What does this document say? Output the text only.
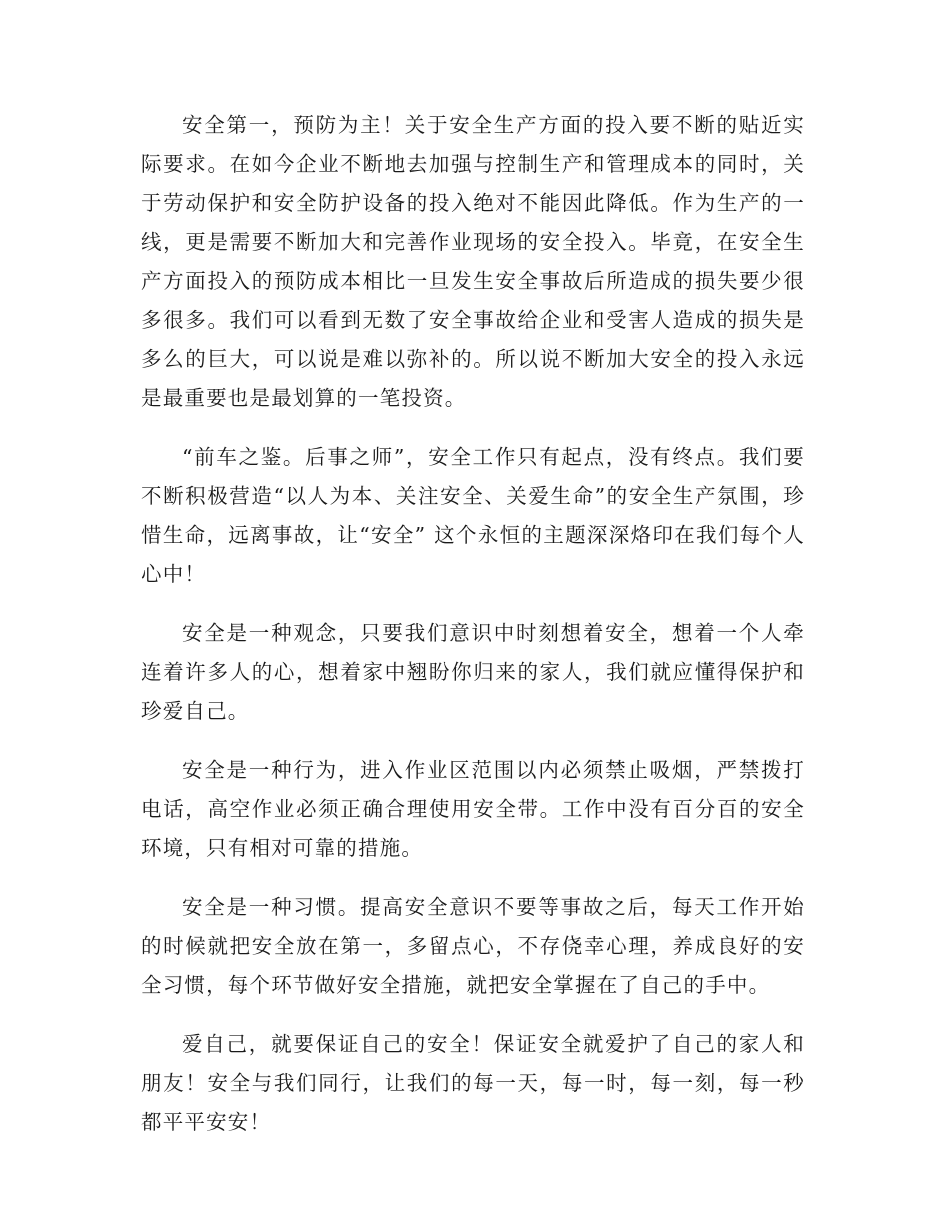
安全第一，预防为主！关于安全生产方面的投入要不断的贴近实际要求。在如今企业不断地去加强与控制生产和管理成本的同时，关于劳动保护和安全防护设备的投入绝对不能因此降低。作为生产的一线，更是需要不断加大和完善作业现场的安全投入。毕竟，在安全生产方面投入的预防成本相比一旦发生安全事故后所造成的损失要少很多很多。我们可以看到无数了安全事故给企业和受害人造成的损失是多么的巨大，可以说是难以弥补的。所以说不断加大安全的投入永远是最重要也是最划算的一笔投资。

“前车之鉴。后事之师”，安全工作只有起点，没有终点。我们要不断积极营造“以人为本、关注安全、关爱生命”的安全生产氛围，珍惜生命，远离事故，让“安全” 这个永恒的主题深深烙印在我们每个人心中！

安全是一种观念，只要我们意识中时刻想着安全，想着一个人牵连着许多人的心，想着家中翘盼你归来的家人，我们就应懂得保护和珍爱自己。

安全是一种行为，进入作业区范围以内必须禁止吸烟，严禁拨打电话，高空作业必须正确合理使用安全带。工作中没有百分百的安全环境，只有相对可靠的措施。

安全是一种习惯。提高安全意识不要等事故之后，每天工作开始的时候就把安全放在第一，多留点心，不存侥幸心理，养成良好的安全习惯，每个环节做好安全措施，就把安全掌握在了自己的手中。

爱自己，就要保证自己的安全！保证安全就爱护了自己的家人和朋友！安全与我们同行，让我们的每一天，每一时，每一刻，每一秒都平平安安！
